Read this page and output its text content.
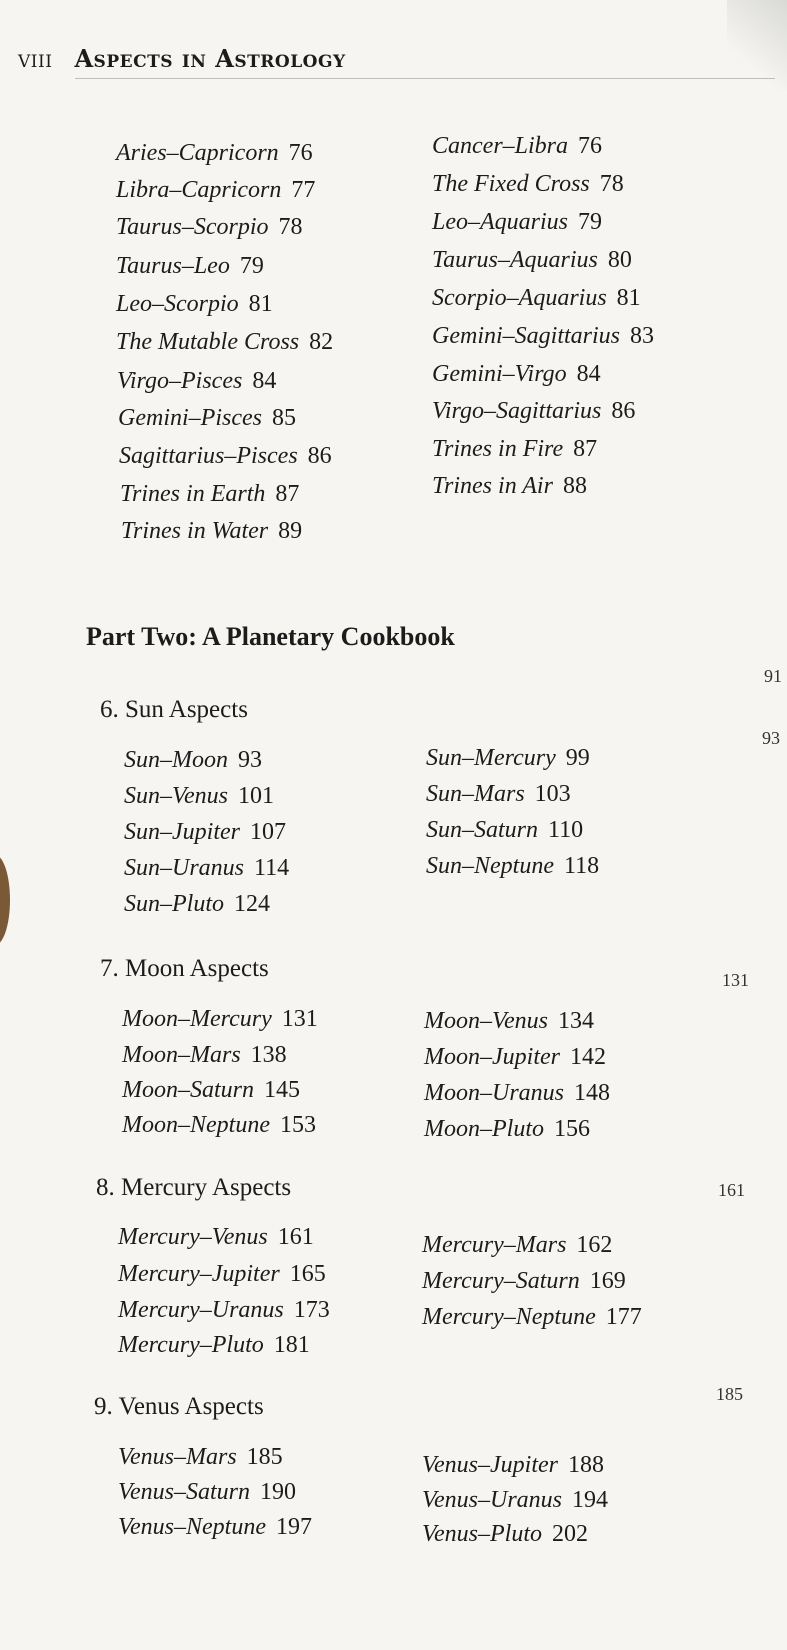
viii Aspects in Astrology
Aries–Capricorn 76
Libra–Capricorn 77
Taurus–Scorpio 78
Taurus–Leo 79
Leo–Scorpio 81
The Mutable Cross 82
Virgo–Pisces 84
Gemini–Pisces 85
Sagittarius–Pisces 86
Trines in Earth 87
Trines in Water 89
Cancer–Libra 76
The Fixed Cross 78
Leo–Aquarius 79
Taurus–Aquarius 80
Scorpio–Aquarius 81
Gemini–Sagittarius 83
Gemini–Virgo 84
Virgo–Sagittarius 86
Trines in Fire 87
Trines in Air 88
Part Two: A Planetary Cookbook
91
6. Sun Aspects
93
Sun–Moon 93
Sun–Venus 101
Sun–Jupiter 107
Sun–Uranus 114
Sun–Pluto 124
Sun–Mercury 99
Sun–Mars 103
Sun–Saturn 110
Sun–Neptune 118
7. Moon Aspects	131
Moon–Mercury 131
Moon–Mars 138
Moon–Saturn 145
Moon–Neptune 153
Moon–Venus 134
Moon–Jupiter 142
Moon–Uranus 148
Moon–Pluto 156
8. Mercury Aspects	161
Mercury–Venus 161
Mercury–Jupiter 165
Mercury–Uranus 173
Mercury–Pluto 181
Mercury–Mars 162
Mercury–Saturn 169
Mercury–Neptune 177
9. Venus Aspects	185
Venus–Mars 185
Venus–Saturn 190
Venus–Neptune 197
Venus–Jupiter 188
Venus–Uranus 194
Venus–Pluto 202
